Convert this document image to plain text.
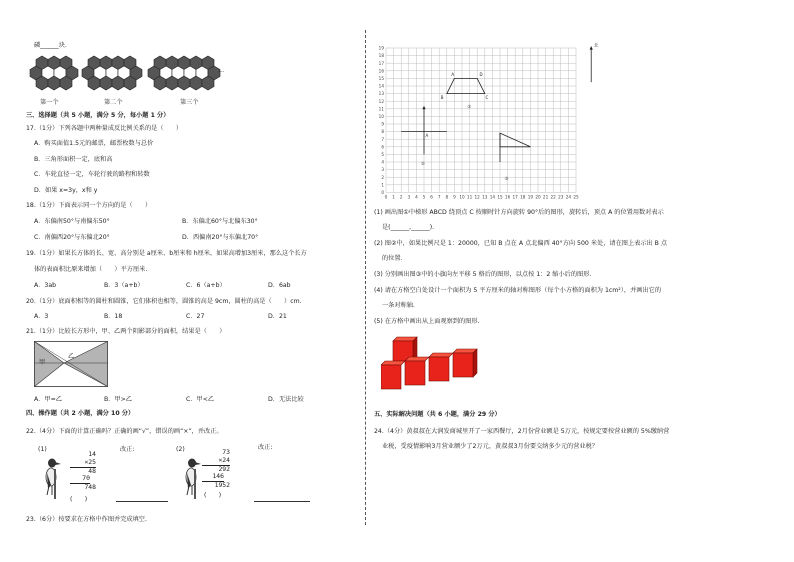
磷______块.
…
第一个	第二个	第三个
三、选择题（共 5 小题，满分 5 分，每小题 1 分）
17.（1分）下列各题中两种量成反比例关系的是（　　）
A．购买面值1.5元的邮票，邮票枚数与总价
B．三角形面积一定，底和高
C．车轮直径一定，车轮行驶的路程和转数
D．如果 x=3y，x和 y
18.（1分）下面表示同一个方向的是（　　）
A．东偏南50°与南偏东50°	B．东偏北60°与北偏东30°
C．南偏西20°与东偏北20°	D．西偏南20°与东偏北70°
19.（1分）如果长方体的长、宽、高分别是 a厘米、b厘米和 h厘米，如果高增加3厘米，那么这个长方
体的表面积比原来增加（　　）平方厘米.
A．3ab	B．3（a+b）	C．6（a+b）	D．6ab
20.（1分）底面积相等的圆柱和圆锥，它们体积也相等，圆锥的高是 9cm，圆柱的高是（　　）cm.
A．3	B．18	C．27	D．21
21.（1分）比较长方形中，甲、乙两个阴影部分的面积，结果是（　　）
甲
乙
A．甲=乙	B．甲>乙	C．甲<乙	D．无法比较
四、操作题（共 2 小题，满分 10 分）
22.（4分）下面的计算正确吗？正确的画“√”，错误的画“×”，并改正。
(1)
14
×25
48
70
748
(　　)
改正:	(2)	73
×24
292
146
1952
(　　)
改正:
23.（6分）按要求在方格中作图并完成填空.
19
18
17
16
15
14
13
12
11
10
9
8
7
6
5
4
3
2
1
0
0 1 2 3 4 5 6 7 8 9 10 11 12 13 14 15 16 17 18 19 20 21 22 23 24 25
A	D
B	C
①
A
②
③
北
(1) 画出图①中梯形 ABCD 绕顶点 C 按顺时针方向旋转 90°后的图形，旋转后，顶点 A 的位置用数对表示
是(______,______).
(2) 图②中，如果比例尺是 1：20000，已知 B 点在 A 点北偏西 40°方向 500 米处，请在图上表示出 B 点
的位置.
(3) 分别画出图③中的小旗向左平移 5 格后的图形，以点按 1：2 缩小后的图形.
(4) 请在方格空白处设计一个面积为 5 平方厘米的轴对称图形（每个小方格的面积为 1cm²），并画出它的
一条对称轴.
(5) 在方格中画出从上面观察到的图形.
五、实际解决问题（共 6 小题，满分 29 分）
24.（4分）黄叔叔在大润发商城里开了一家西餐厅，2月份营业额是 5万元，按规定要按营业额的 5%缴纳营
业税，受疫情影响3月营业额少了2万元，黄叔叔3月份要交纳多少元的营业税？
